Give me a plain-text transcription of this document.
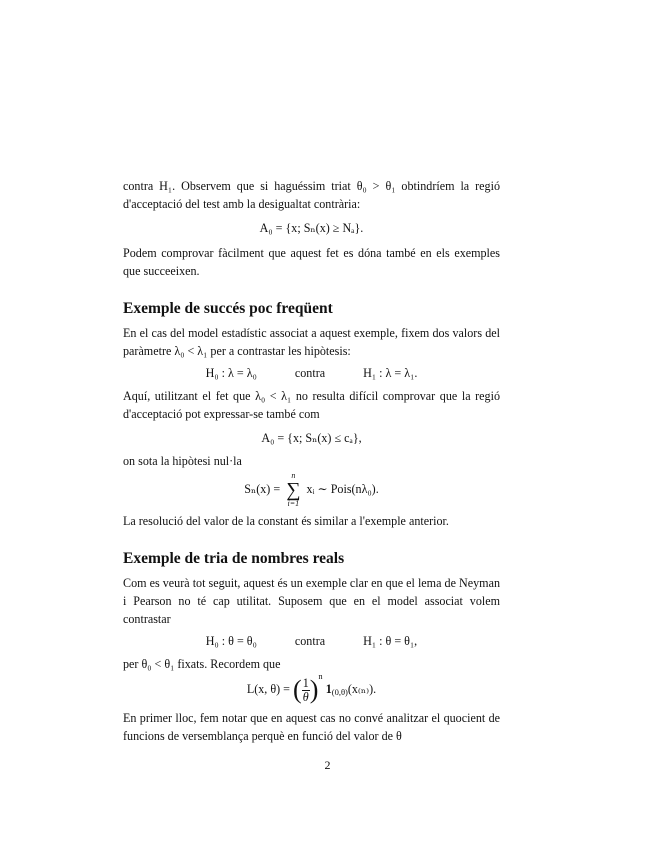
contra H₁. Observem que si haguéssim triat θ₀ > θ₁ obtindríem la regió d'acceptació del test amb la desigualtat contrària:

A₀ = {x; Sₙ(x) ≥ Nₐ}.

Podem comprovar fàcilment que aquest fet es dóna també en els exemples que succeeixen.

Exemple de succés poc freqüent

En el cas del model estadístic associat a aquest exemple, fixem dos valors del paràmetre λ₀ < λ₁ per a contrastar les hipòtesis:

H₀ : λ = λ₀	contra	H₁ : λ = λ₁.

Aquí, utilitzant el fet que λ₀ < λ₁ no resulta difícil comprovar que la regió d'acceptació pot expressar-se també com

A₀ = {x; Sₙ(x) ≤ cₐ},

on sota la hipòtesi nul·la

Sₙ(x) =
n
∑
i=1
xᵢ ∼ Pois(nλ₀).

La resolució del valor de la constant és similar a l'exemple anterior.

Exemple de tria de nombres reals

Com es veurà tot seguit, aquest és un exemple clar en que el lema de Neyman i Pearson no té cap utilitat. Suposem que en el model associat volem contrastar

H₀ : θ = θ₀	contra	H₁ : θ = θ₁,

per θ₀ < θ₁ fixats. Recordem que

L(x, θ) = ( $\frac{1}{\theta} )^n$ $1_{(0,\theta)}(x_{(n)})$.

En primer lloc, fem notar que en aquest cas no convé analitzar el quocient de funcions de versemblança perquè en funció del valor de θ

2
